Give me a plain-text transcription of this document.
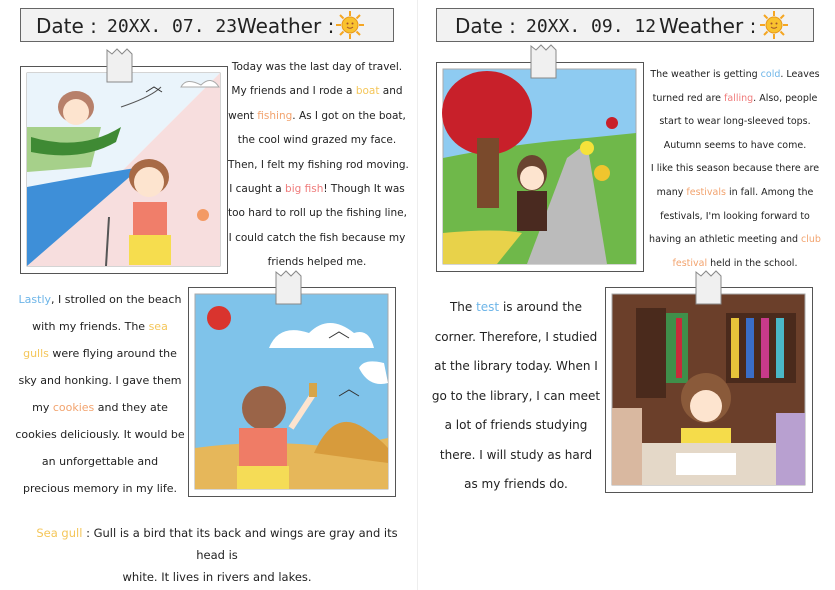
Date : 20XX. 07. 23 Weather :	Date : 20XX. 09. 12 Weather :
Today was the last day of travel.
My friends and I rode a boat and
went fishing. As I got on the boat,
the cool wind grazed my face.
Then, I felt my fishing rod moving.
I caught a big fish! Though It was
too hard to roll up the fishing line,
I could catch the fish because my
friends helped me.
Lastly, I strolled on the beach
with my friends. The sea
gulls were flying around the
sky and honking. I gave them
my cookies and they ate
cookies deliciously. It would be
an unforgettable and
precious memory in my life.
Sea gull : Gull is a bird that its back and wings are gray and its head is
white. It lives in rivers and lakes.
The weather is getting cold. Leaves
turned red are falling. Also, people
start to wear long-sleeved tops.
Autumn seems to have come.
I like this season because there are
many festivals in fall. Among the
festivals, I'm looking forward to
having an athletic meeting and club
festival held in the school.
The test is around the
corner. Therefore, I studied
at the library today. When I
go to the library, I can meet
a lot of friends studying
there. I will study as hard
as my friends do.
